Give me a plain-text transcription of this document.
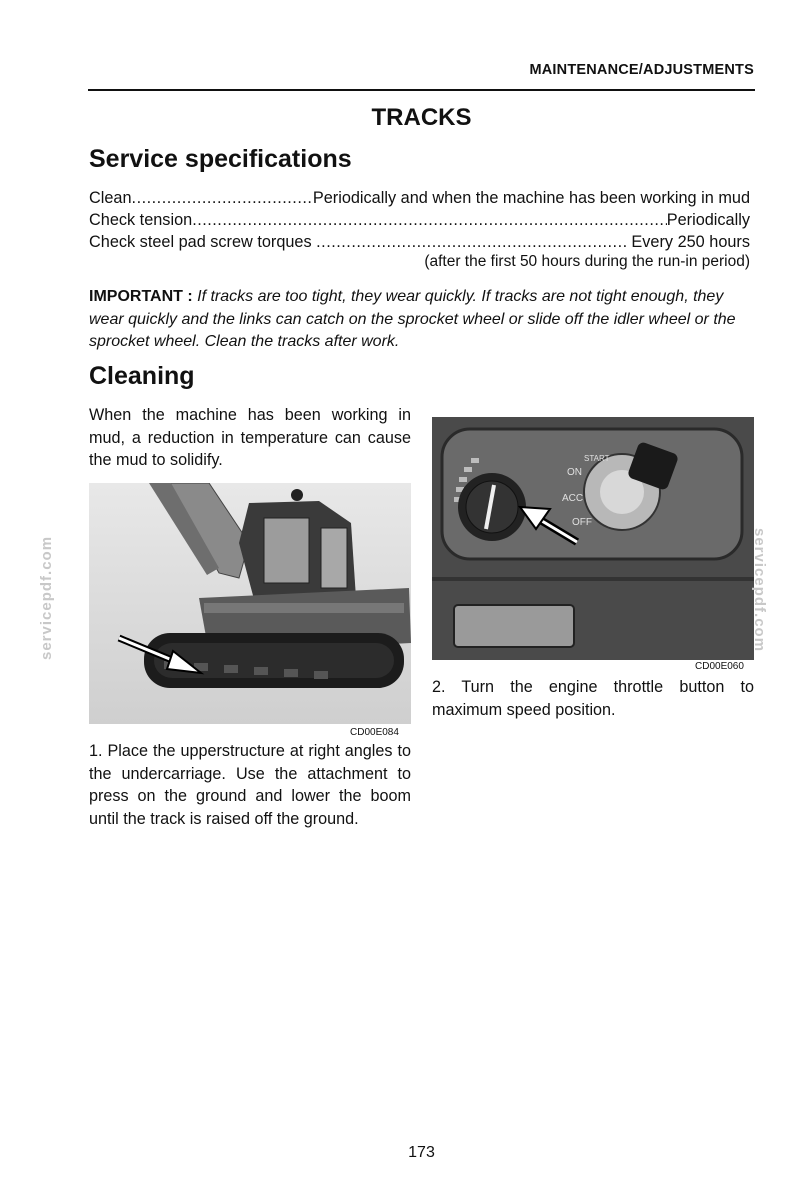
MAINTENANCE/ADJUSTMENTS
TRACKS
Service specifications
Clean .....	Periodically and when the machine has been working in mud
Check tension .....	Periodically
Check steel pad screw torques .....	Every 250 hours
(after the first 50 hours during the run-in period)
IMPORTANT : If tracks are too tight, they wear quickly. If tracks are not tight enough, they wear quickly and the links can catch on the sprocket wheel or slide off the idler wheel or the sprocket wheel. Clean the tracks after work.
Cleaning
When the machine has been working in mud, a reduction in temperature can cause the mud to solidify.
CD00E084
1. Place the upperstructure at right angles to the undercarriage. Use the attachment to press on the ground and lower the boom until the track is raised off the ground.
ON
ACC
OFF
START
CD00E060
2. Turn the engine throttle button to maximum speed position.
servicepdf.com	servicepdf.com
173
